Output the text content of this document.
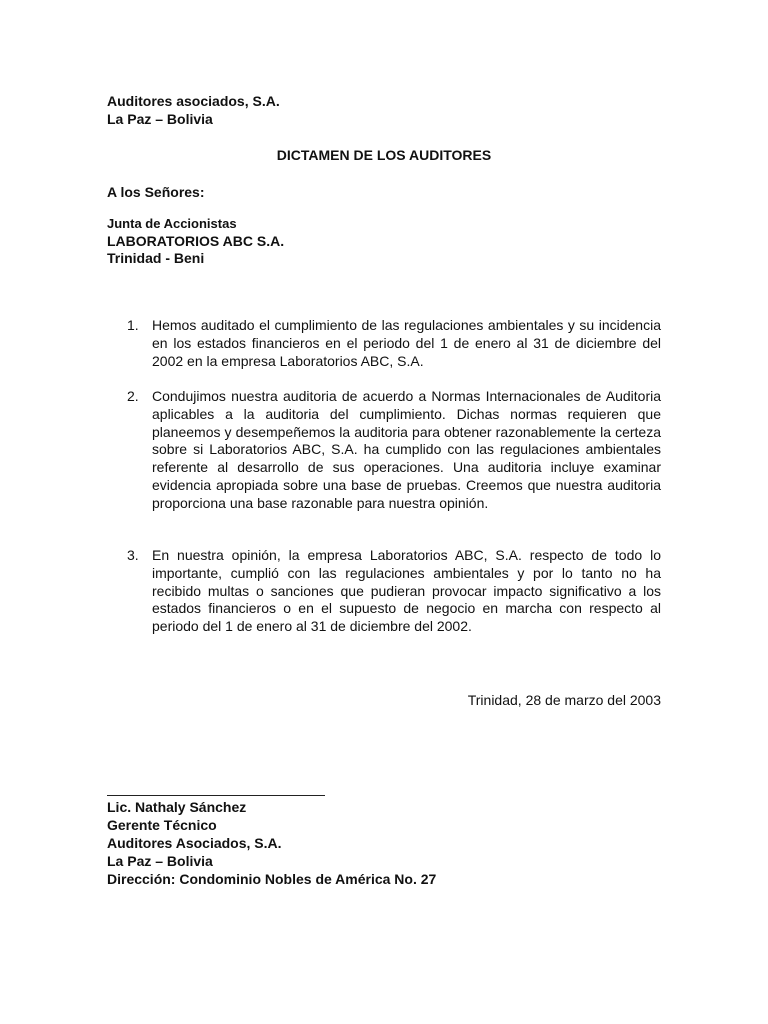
Auditores asociados, S.A.
La Paz – Bolivia
DICTAMEN DE LOS AUDITORES
A los Señores:
Junta de Accionistas
LABORATORIOS ABC S.A.
Trinidad - Beni
1. Hemos auditado el cumplimiento de las regulaciones ambientales y su incidencia en los estados financieros en el periodo del 1 de enero al 31 de diciembre del 2002 en la empresa Laboratorios ABC, S.A.
2. Condujimos nuestra auditoria de acuerdo a Normas Internacionales de Auditoria aplicables a la auditoria del cumplimiento. Dichas normas requieren que planeemos y desempeñemos la auditoria para obtener razonablemente la certeza sobre si Laboratorios ABC, S.A. ha cumplido con las regulaciones ambientales referente al desarrollo de sus operaciones. Una auditoria incluye examinar evidencia apropiada sobre una base de pruebas. Creemos que nuestra auditoria proporciona una base razonable para nuestra opinión.
3. En nuestra opinión, la empresa Laboratorios ABC, S.A. respecto de todo lo importante, cumplió con las regulaciones ambientales y por lo tanto no ha recibido multas o sanciones que pudieran provocar impacto significativo a los estados financieros o en el supuesto de negocio en marcha con respecto al periodo del 1 de enero al 31 de diciembre del 2002.
Trinidad, 28 de marzo del 2003
Lic. Nathaly Sánchez
Gerente Técnico
Auditores Asociados, S.A.
La Paz – Bolivia
Dirección: Condominio Nobles de América No. 27
